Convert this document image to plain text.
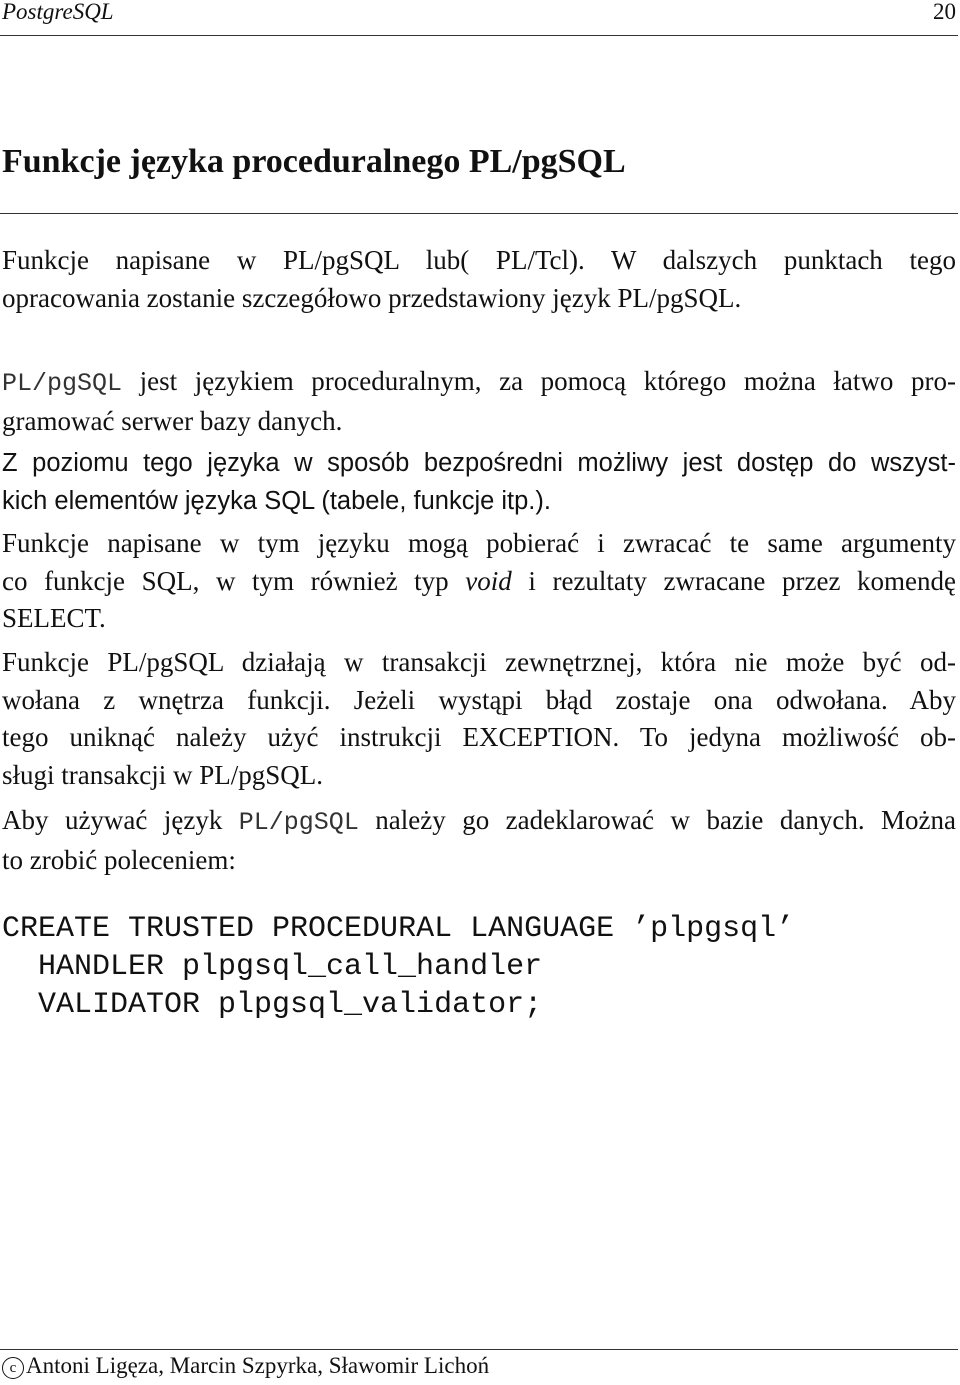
PostgreSQL	20
Funkcje języka proceduralnego PL/pgSQL

Funkcje napisane w PL/pgSQL lub( PL/Tcl). W dalszych punktach tego
opracowania zostanie szczegółowo przedstawiony język PL/pgSQL.

PL/pgSQL jest językiem proceduralnym, za pomocą którego można łatwo pro-
gramować serwer bazy danych.

Z poziomu tego języka w sposób bezpośredni możliwy jest dostęp do wszyst-
kich elementów języka SQL (tabele, funkcje itp.).

Funkcje napisane w tym języku mogą pobierać i zwracać te same argumenty
co funkcje SQL, w tym również typ void i rezultaty zwracane przez komendę
SELECT.

Funkcje PL/pgSQL działają w transakcji zewnętrznej, która nie może być od-
wołana z wnętrza funkcji. Jeżeli wystąpi błąd zostaje ona odwołana. Aby
tego uniknąć należy użyć instrukcji EXCEPTION. To jedyna możliwość ob-
sługi transakcji w PL/pgSQL.

Aby używać język PL/pgSQL należy go zadeklarować w bazie danych. Można
to zrobić poleceniem:

CREATE TRUSTED PROCEDURAL LANGUAGE ’plpgsql’
HANDLER plpgsql_call_handler
VALIDATOR plpgsql_validator;
c Antoni Ligęza, Marcin Szpyrka, Sławomir Lichoń
